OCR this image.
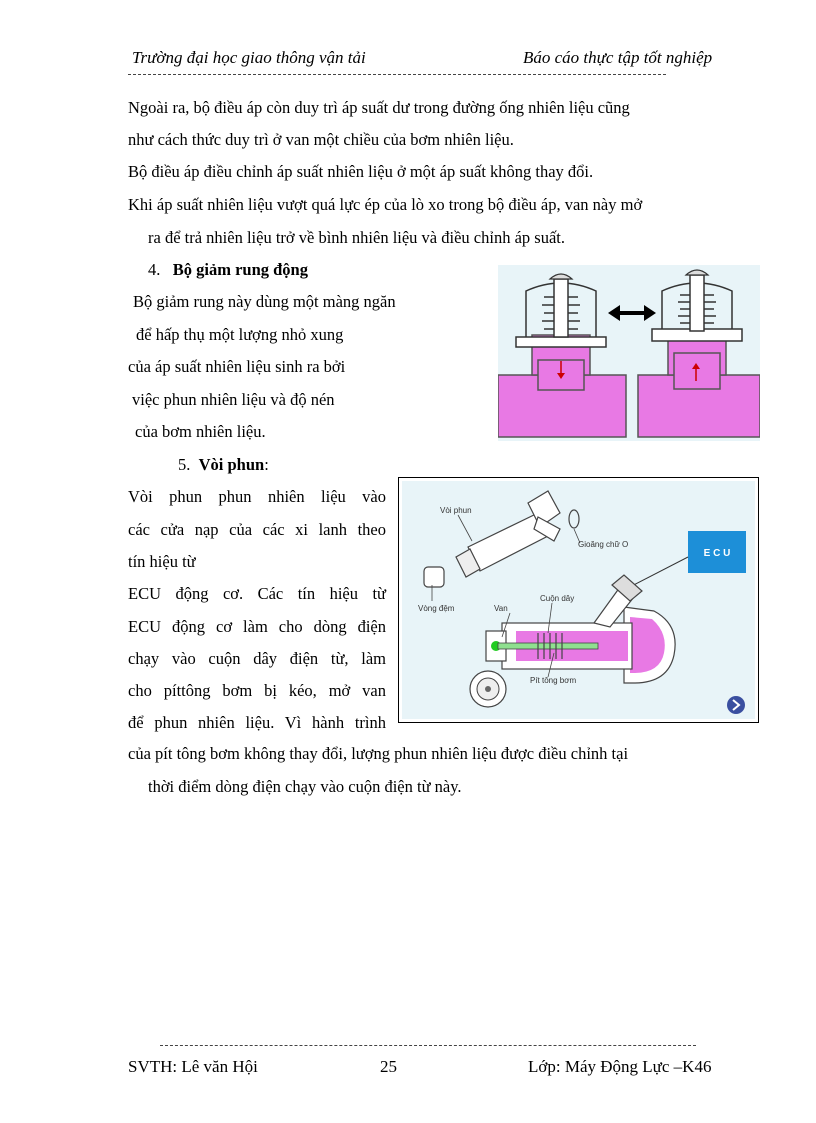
Trường đại học giao thông vận tải	Báo cáo thực tập tốt nghiệp
Ngoài ra, bộ điều áp còn duy trì áp suất dư trong đường ống nhiên liệu cũng
như cách thức duy trì ở van một chiều của bơm nhiên liệu.
Bộ điều áp điều chỉnh áp suất nhiên liệu ở một áp suất không thay đổi.
Khi áp suất nhiên liệu vượt quá lực ép của lò xo trong bộ điều áp, van này mở
ra để trả nhiên liệu trở về bình nhiên liệu và điều chỉnh áp suất.
4. Bộ giảm rung động
Bộ giảm rung này dùng một màng ngăn
để hấp thụ một lượng nhỏ xung
của áp suất nhiên liệu sinh ra bởi
việc phun nhiên liệu và độ nén
của bơm nhiên liệu.
5. Vòi phun:
Vòi phun phun nhiên liệu vào
các cửa nạp của các xi lanh theo
tín hiệu từ
ECU động cơ. Các tín hiệu từ
ECU động cơ làm cho dòng điện
chạy vào cuộn dây điện từ, làm
cho píttông bơm bị kéo, mở van
để phun nhiên liệu. Vì hành trình
Vòi phun
Gioăng chữ O
Vòng đệm	Van
Cuộn dây
Pít tông bơm
E C U
của pít tông bơm không thay đổi, lượng phun nhiên liệu được điều chỉnh tại
thời điểm dòng điện chạy vào cuộn điện từ này.
SVTH: Lê văn Hội	25	Lớp: Máy Động Lực –K46
